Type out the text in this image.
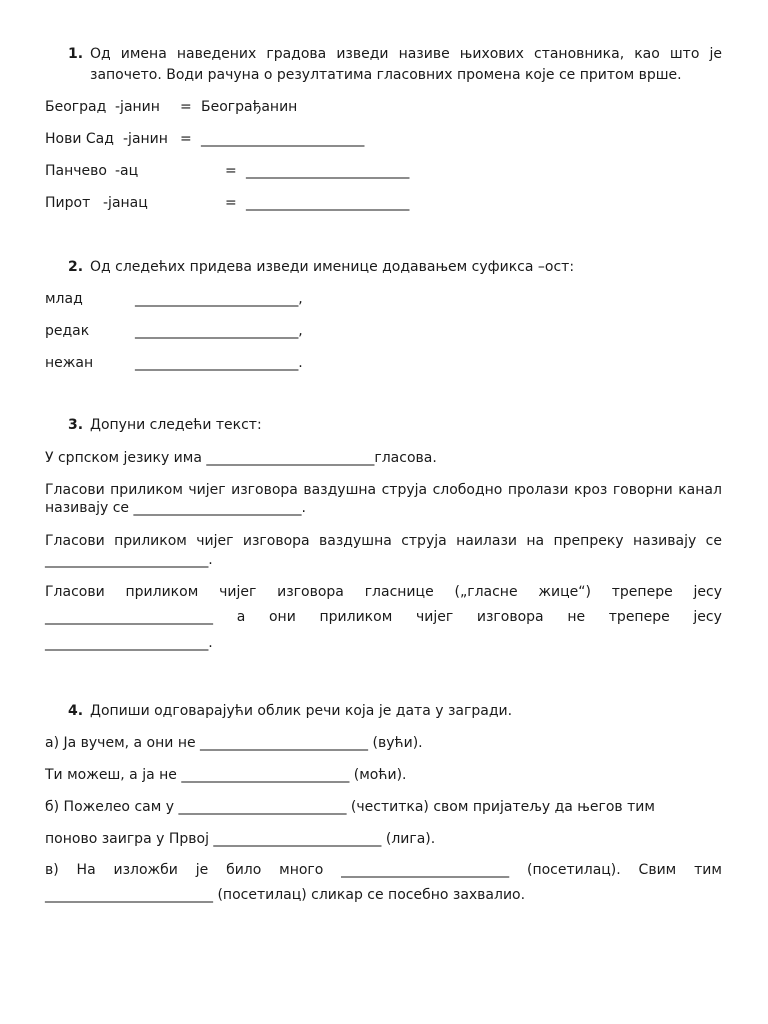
1. Од имена наведених градова изведи називе њихових становника, као што је
започето. Води рачуна о резултатима гласовних промена које се притом врше.
Београд -јанин = Београђанин
Нови Сад -јанин = ________________________
Панчево -ац	= ________________________
Пирот -јанац	= ________________________
2. Од следећих придева изведи именице додавањем суфикса –ост:
млад	________________________,
редак	________________________,
нежан	________________________.
3. Допуни следећи текст:
У српском језику има ________________________гласова.
Гласови приликом чијег изговора ваздушна струја слободно пролази кроз говорни канал
називају се ________________________.
Гласови приликом чијег изговора ваздушна струја наилази на препреку називају се
________________________.
Гласови приликом чијег изговора гласнице („гласне жице“) трепере јесу
________________________ а они приликом чијег изговора не трепере јесу
________________________.
4. Допиши одговарајући облик речи која је дата у загради.
а) Ја вучем, а они не ________________________ (вући).
Ти можеш, а ја не ________________________ (моћи).
б) Пожелео сам у ________________________ (честитка) свом пријатељу да његов тим
поново заигра у Првој ________________________ (лига).
в) На изложби је било много ________________________ (посетилац). Свим тим
________________________ (посетилац) сликар се посебно захвалио.
